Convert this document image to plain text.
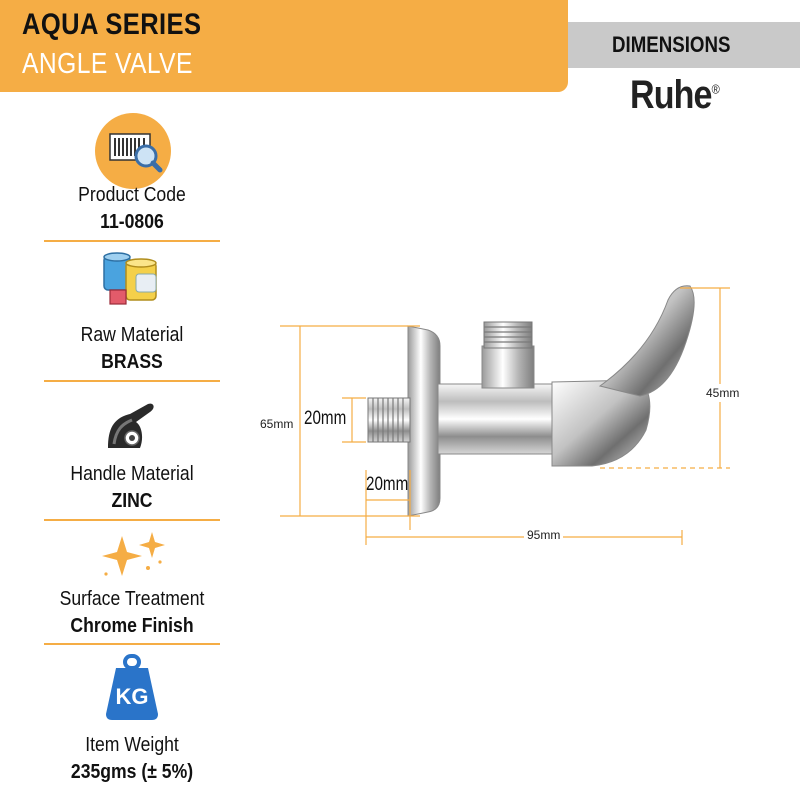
AQUA SERIES
ANGLE VALVE
DIMENSIONS
Ruhe®
Product Code
11-0806
Raw Material
BRASS
Handle Material
ZINC
Surface Treatment
Chrome Finish
KG
Item Weight
235gms (± 5%)
65mm 20mm
20mm
95mm
45mm
